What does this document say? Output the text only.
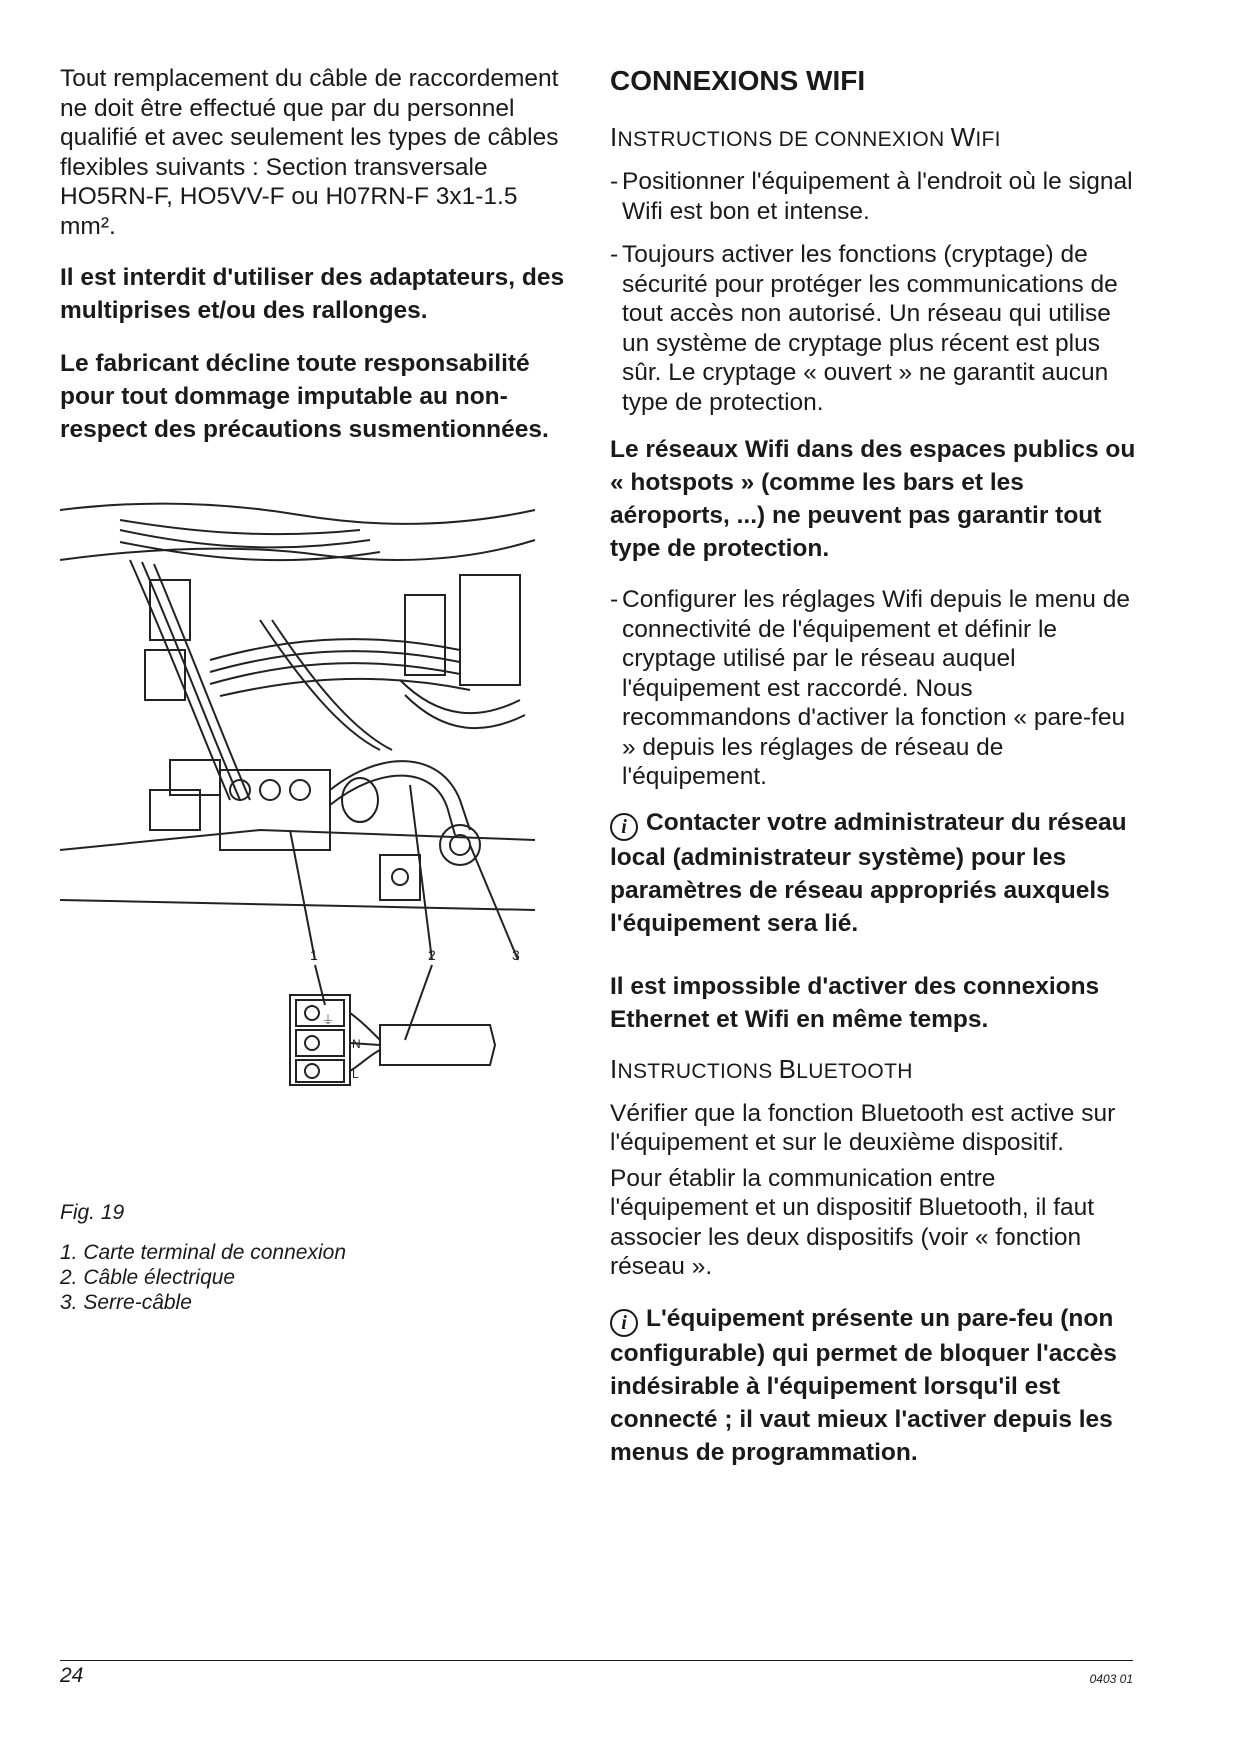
Tout remplacement du câble de raccordement ne doit être effectué que par du personnel qualifié et avec seulement les types de câbles flexibles suivants : Section transversale HO5RN-F, HO5VV-F ou H07RN-F 3x1-1.5 mm².

Il est interdit d'utiliser des adaptateurs, des multiprises et/ou des rallonges.

Le fabricant décline toute responsabilité pour tout dommage imputable au non-respect des précautions susmentionnées.

1	2	3
⏚
N
L

Fig. 19

1. Carte terminal de connexion
2. Câble électrique
3. Serre-câble
CONNEXIONS WIFI
INSTRUCTIONS DE CONNEXION WIFI
- Positionner l'équipement à l'endroit où le signal Wifi est bon et intense.
- Toujours activer les fonctions (cryptage) de sécurité pour protéger les communications de tout accès non autorisé. Un réseau qui utilise un système de cryptage plus récent est plus sûr. Le cryptage « ouvert » ne garantit aucun type de protection.

Le réseaux Wifi dans des espaces publics ou « hotspots » (comme les bars et les aéroports, ...) ne peuvent pas garantir tout type de protection.

- Configurer les réglages Wifi depuis le menu de connectivité de l'équipement et définir le cryptage utilisé par le réseau auquel l'équipement est raccordé. Nous recommandons d'activer la fonction « pare-feu » depuis les réglages de réseau de l'équipement.

i Contacter votre administrateur du réseau local (administrateur système) pour les paramètres de réseau appropriés auxquels l'équipement sera lié.

Il est impossible d'activer des connexions Ethernet et Wifi en même temps.

INSTRUCTIONS BLUETOOTH

Vérifier que la fonction Bluetooth est active sur l'équipement et sur le deuxième dispositif.

Pour établir la communication entre l'équipement et un dispositif Bluetooth, il faut associer les deux dispositifs (voir « fonction réseau ».

i L'équipement présente un pare-feu (non configurable) qui permet de bloquer l'accès indésirable à l'équipement lorsqu'il est connecté ; il vaut mieux l'activer depuis les menus de programmation.

24	0403 01
